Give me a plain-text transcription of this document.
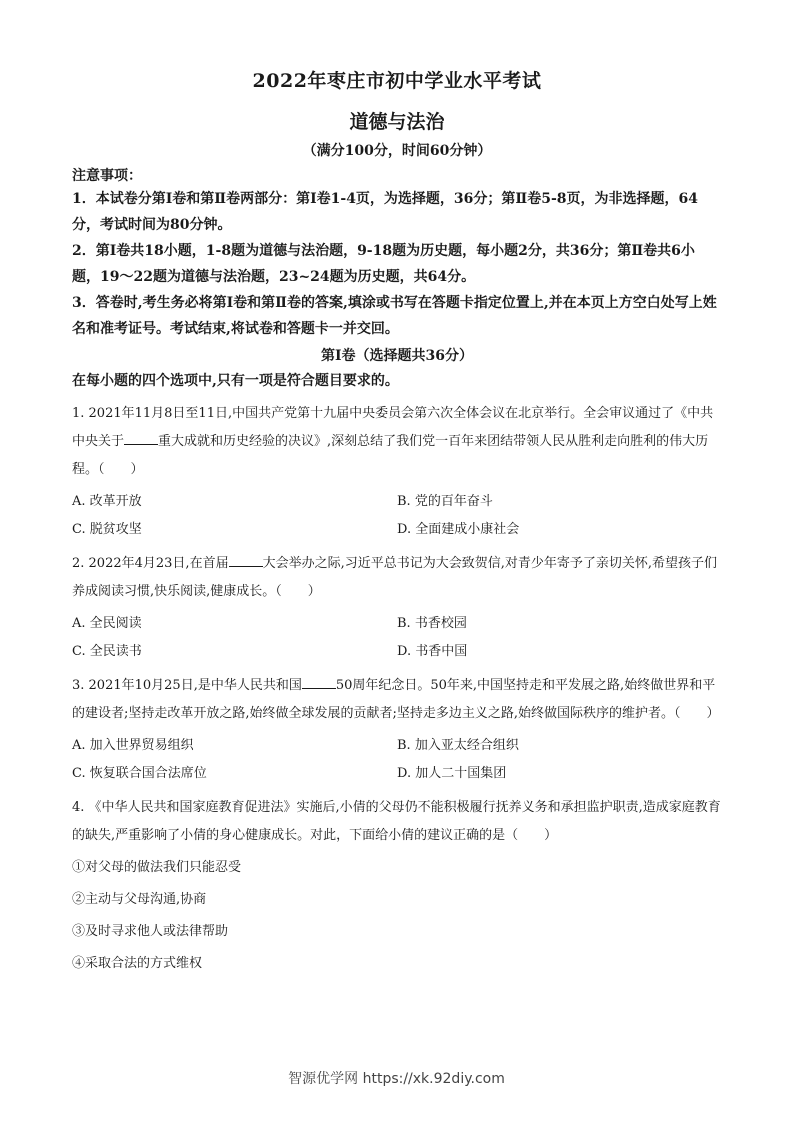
2022年枣庄市初中学业水平考试
道德与法治
（满分100分，时间60分钟）
注意事项：
1．本试卷分第Ⅰ卷和第Ⅱ卷两部分：第Ⅰ卷1-4页，为选择题，36分；第Ⅱ卷5-8页，为非选择题，64分，考试时间为80分钟。
2．第Ⅰ卷共18小题，1-8题为道德与法治题，9-18题为历史题，每小题2分，共36分；第Ⅱ卷共6小题，19～22题为道德与法治题，23~24题为历史题，共64分。
3．答卷时,考生务必将第Ⅰ卷和第Ⅱ卷的答案,填涂或书写在答题卡指定位置上,并在本页上方空白处写上姓名和准考证号。考试结束,将试卷和答题卡一并交回。
第Ⅰ卷（选择题共36分）
在每小题的四个选项中,只有一项是符合题目要求的。
1. 2021年11月8日至11日,中国共产党第十九届中央委员会第六次全体会议在北京举行。全会审议通过了《中共中央关于	重大成就和历史经验的决议》,深刻总结了我们党一百年来团结带领人民从胜利走向胜利的伟大历程。（　　）
A. 改革开放	B. 党的百年奋斗
C. 脱贫攻坚	D. 全面建成小康社会
2. 2022年4月23日,在首届	大会举办之际,习近平总书记为大会致贺信,对青少年寄予了亲切关怀,希望孩子们养成阅读习惯,快乐阅读,健康成长。（　　）
A. 全民阅读	B. 书香校园
C. 全民读书	D. 书香中国
3. 2021年10月25日,是中华人民共和国	50周年纪念日。50年来,中国坚持走和平发展之路,始终做世界和平的建设者;坚持走改革开放之路,始终做全球发展的贡献者;坚持走多边主义之路,始终做国际秩序的维护者。（　　）
A. 加入世界贸易组织	B. 加入亚太经合组织
C. 恢复联合国合法席位	D. 加人二十国集团
4. 《中华人民共和国家庭教育促进法》实施后,小倩的父母仍不能积极履行抚养义务和承担监护职责,造成家庭教育的缺失,严重影响了小倩的身心健康成长。对此，下面给小倩的建议正确的是（　　）
①对父母的做法我们只能忍受
②主动与父母沟通,协商
③及时寻求他人或法律帮助
④采取合法的方式维权
智源优学网 https://xk.92diy.com
